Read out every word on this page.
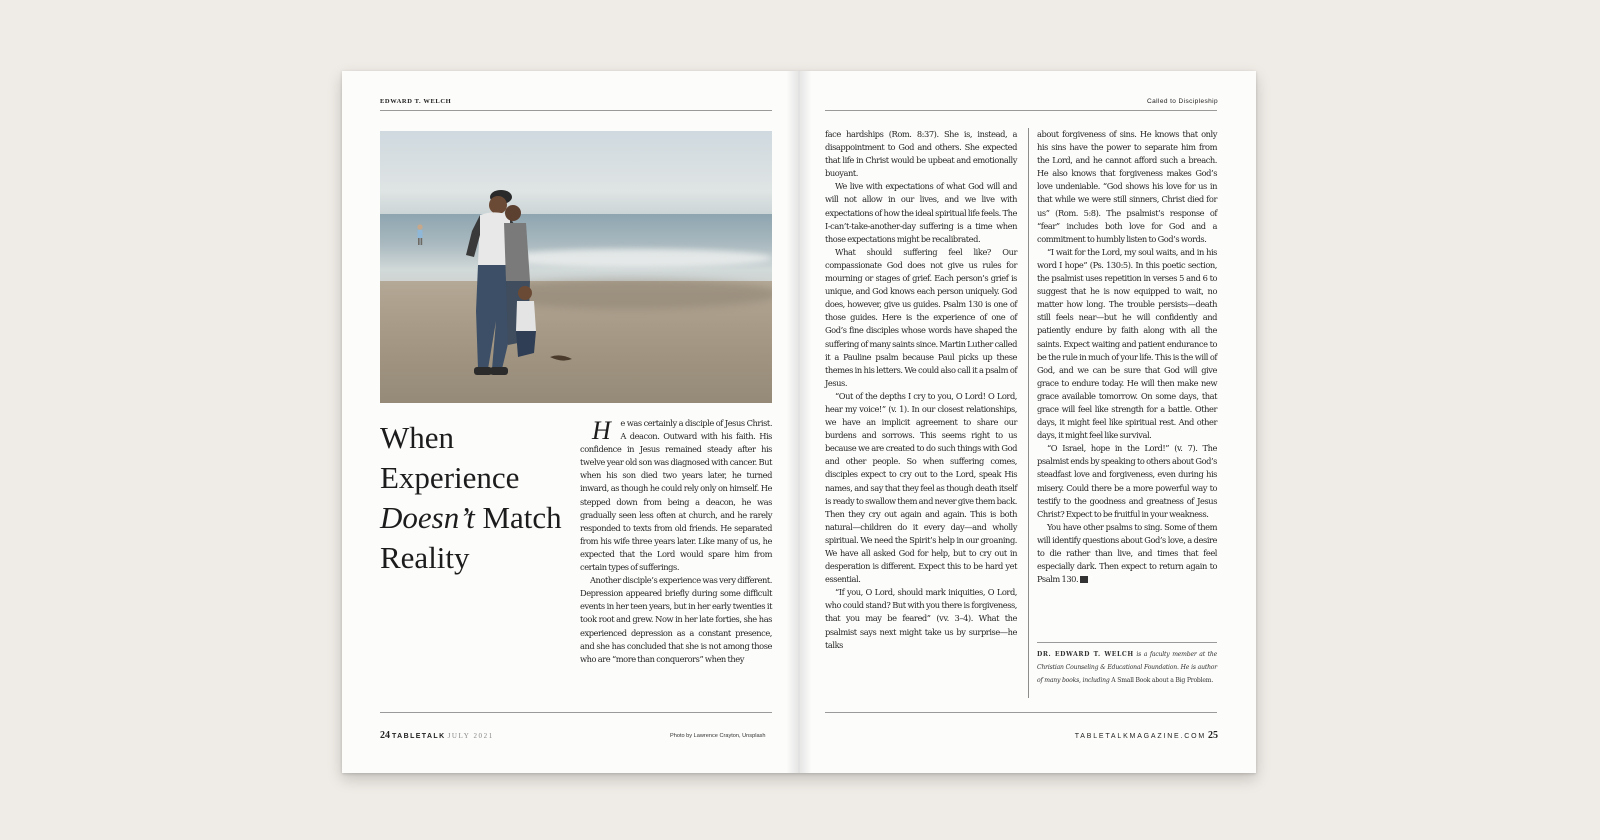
EDWARD T. WELCH
When
Experience
Doesn’t Match
Reality

H e was certainly a disciple of Jesus Christ. A deacon. Outward with his faith. His confidence in Jesus remained steady after his twelve year old son was diagnosed with cancer. But when his son died two years later, he turned inward, as though he could rely only on himself. He stepped down from being a deacon, he was gradually seen less often at church, and he rarely responded to texts from old friends. He separated from his wife three years later. Like many of us, he expected that the Lord would spare him from certain types of sufferings.

Another disciple’s experience was very different. Depression appeared briefly during some difficult events in her teen years, but in her early twenties it took root and grew. Now in her late forties, she has experienced depression as a constant presence, and she has concluded that she is not among those who are “more than conquerors” when they

24 TABLETALK JULY 2021	Photo by Lawrence Crayton, Unsplash
Called to Discipleship

face hardships (Rom. 8:37). She is, instead, a disappointment to God and others. She expected that life in Christ would be upbeat and emotionally buoyant.

We live with expectations of what God will and will not allow in our lives, and we live with expectations of how the ideal spiritual life feels. The I-can’t-take-another-day suffering is a time when those expectations might be recalibrated.

What should suffering feel like? Our compassionate God does not give us rules for mourning or stages of grief. Each person’s grief is unique, and God knows each person uniquely. God does, however, give us guides. Psalm 130 is one of those guides. Here is the experience of one of God’s fine disciples whose words have shaped the suffering of many saints since. Martin Luther called it a Pauline psalm because Paul picks up these themes in his letters. We could also call it a psalm of Jesus.

“Out of the depths I cry to you, O Lord! O Lord, hear my voice!” (v. 1). In our closest relationships, we have an implicit agreement to share our burdens and sorrows. This seems right to us because we are created to do such things with God and other people. So when suffering comes, disciples expect to cry out to the Lord, speak His names, and say that they feel as though death itself is ready to swallow them and never give them back. Then they cry out again and again. This is both natural—children do it every day—and wholly spiritual. We need the Spirit’s help in our groaning. We have all asked God for help, but to cry out in desperation is different. Expect this to be hard yet essential.

“If you, O Lord, should mark iniquities, O Lord, who could stand? But with you there is forgiveness, that you may be feared” (vv. 3–4). What the psalmist says next might take us by surprise—he talks

about forgiveness of sins. He knows that only his sins have the power to separate him from the Lord, and he cannot afford such a breach. He also knows that forgiveness makes God’s love undeniable. “God shows his love for us in that while we were still sinners, Christ died for us” (Rom. 5:8). The psalmist’s response of “fear” includes both love for God and a commitment to humbly listen to God’s words.

“I wait for the Lord, my soul waits, and in his word I hope” (Ps. 130:5). In this poetic section, the psalmist uses repetition in verses 5 and 6 to suggest that he is now equipped to wait, no matter how long. The trouble persists—death still feels near—but he will confidently and patiently endure by faith along with all the saints. Expect waiting and patient endurance to be the rule in much of your life. This is the will of God, and we can be sure that God will give grace to endure today. He will then make new grace available tomorrow. On some days, that grace will feel like strength for a battle. Other days, it might feel like spiritual rest. And other days, it might feel like survival.

“O Israel, hope in the Lord!” (v. 7). The psalmist ends by speaking to others about God’s steadfast love and forgiveness, even during his misery. Could there be a more powerful way to testify to the goodness and greatness of Jesus Christ? Expect to be fruitful in your weakness.

You have other psalms to sing. Some of them will identify questions about God’s love, a desire to die rather than live, and times that feel especially dark. Then expect to return again to Psalm 130. T

DR. EDWARD T. WELCH is a faculty member at the Christian Counseling & Educational Foundation. He is author of many books, including A Small Book about a Big Problem.
TABLETALKMAGAZINE.COM 25
